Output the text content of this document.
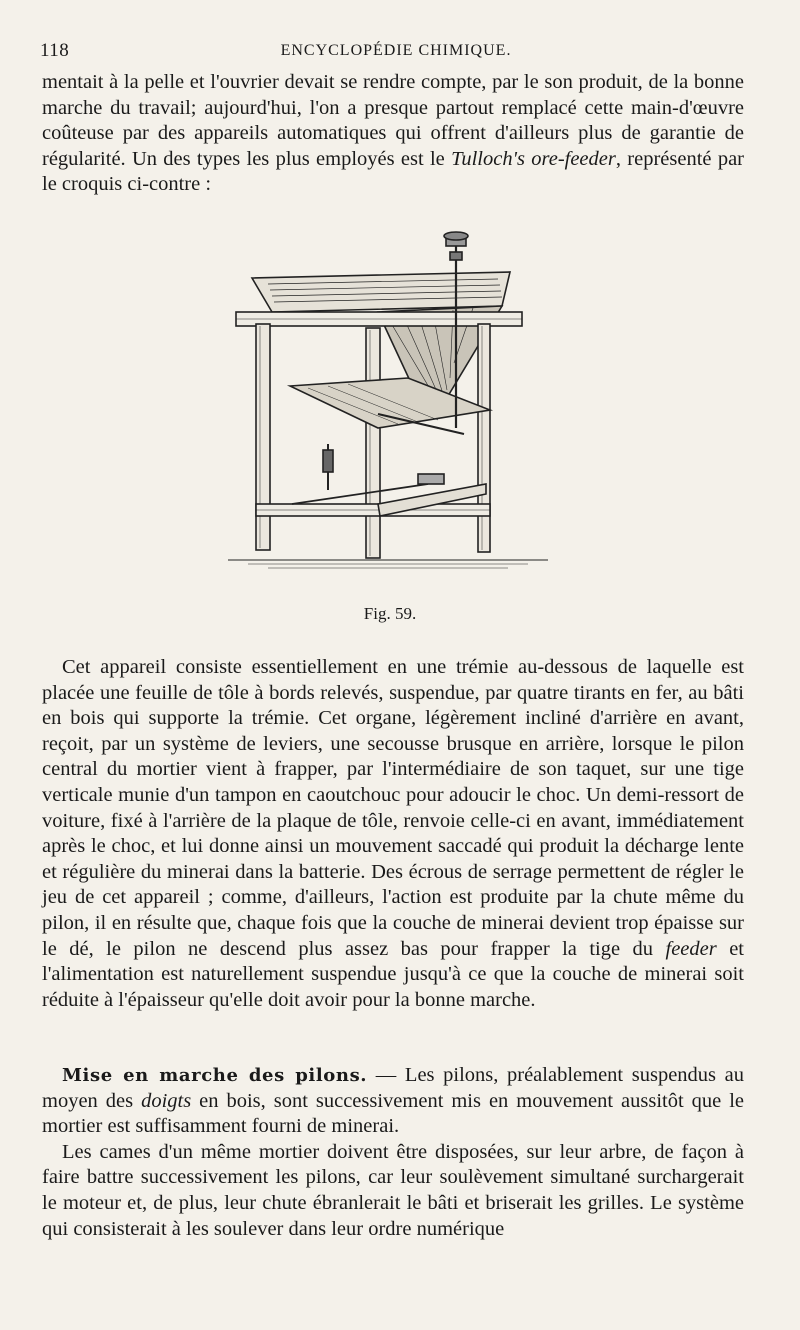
118	ENCYCLOPÉDIE CHIMIQUE.

mentait à la pelle et l'ouvrier devait se rendre compte, par le son produit, de la bonne marche du travail; aujourd'hui, l'on a presque partout remplacé cette main-d'œuvre coûteuse par des appareils automatiques qui offrent d'ailleurs plus de garantie de régularité. Un des types les plus employés est le Tulloch's ore-feeder, représenté par le croquis ci-contre :

Fig. 59.

Cet appareil consiste essentiellement en une trémie au-dessous de laquelle est placée une feuille de tôle à bords relevés, suspendue, par quatre tirants en fer, au bâti en bois qui supporte la trémie. Cet organe, légèrement incliné d'arrière en avant, reçoit, par un système de leviers, une secousse brusque en arrière, lorsque le pilon central du mortier vient à frapper, par l'intermédiaire de son taquet, sur une tige verticale munie d'un tampon en caoutchouc pour adoucir le choc. Un demi-ressort de voiture, fixé à l'arrière de la plaque de tôle, renvoie celle-ci en avant, immédiatement après le choc, et lui donne ainsi un mouvement saccadé qui produit la décharge lente et régulière du minerai dans la batterie. Des écrous de serrage permettent de régler le jeu de cet appareil ; comme, d'ailleurs, l'action est produite par la chute même du pilon, il en résulte que, chaque fois que la couche de minerai devient trop épaisse sur le dé, le pilon ne descend plus assez bas pour frapper la tige du feeder et l'alimentation est naturellement suspendue jusqu'à ce que la couche de minerai soit réduite à l'épaisseur qu'elle doit avoir pour la bonne marche.

Mise en marche des pilons. — Les pilons, préalablement suspendus au moyen des doigts en bois, sont successivement mis en mouvement aussitôt que le mortier est suffisamment fourni de minerai.
Les cames d'un même mortier doivent être disposées, sur leur arbre, de façon à faire battre successivement les pilons, car leur soulèvement simultané surchargerait le moteur et, de plus, leur chute ébranlerait le bâti et briserait les grilles. Le système qui consisterait à les soulever dans leur ordre numérique
